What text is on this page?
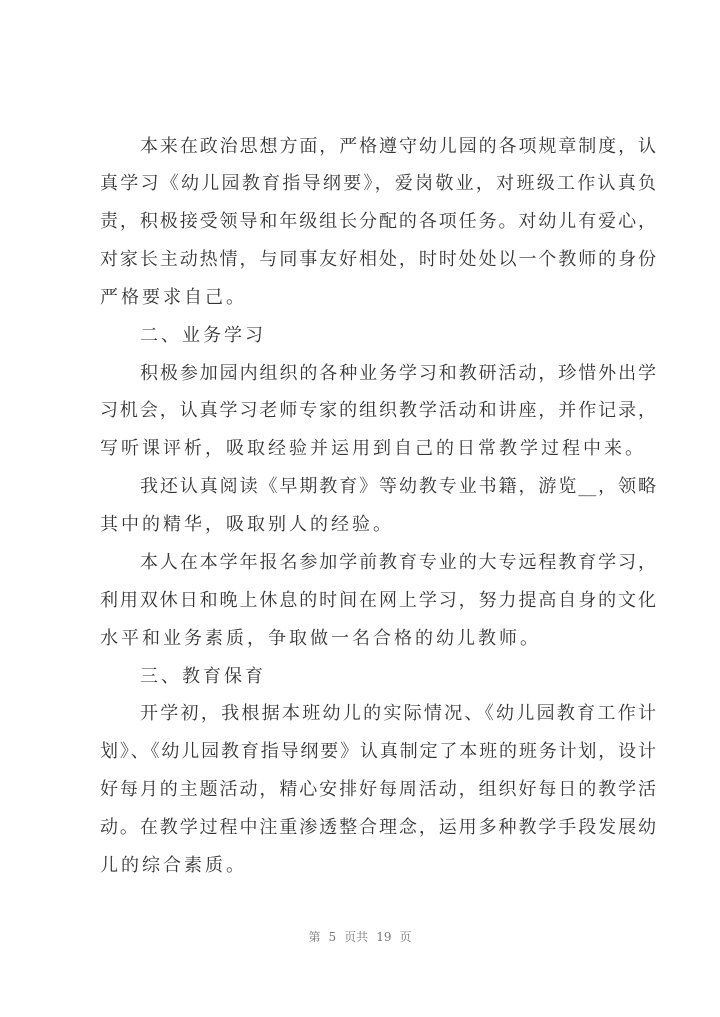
本来在政治思想方面，严格遵守幼儿园的各项规章制度，认
真学习《幼儿园教育指导纲要》，爱岗敬业，对班级工作认真负
责，积极接受领导和年级组长分配的各项任务。对幼儿有爱心，
对家长主动热情，与同事友好相处，时时处处以一个教师的身份
严格要求自己。
二、业务学习
积极参加园内组织的各种业务学习和教研活动，珍惜外出学
习机会，认真学习老师专家的组织教学活动和讲座，并作记录，
写听课评析，吸取经验并运用到自己的日常教学过程中来。
我还认真阅读《早期教育》等幼教专业书籍，游览__，领略
其中的精华，吸取别人的经验。
本人在本学年报名参加学前教育专业的大专远程教育学习，
利用双休日和晚上休息的时间在网上学习，努力提高自身的文化
水平和业务素质，争取做一名合格的幼儿教师。
三、教育保育
开学初，我根据本班幼儿的实际情况、《幼儿园教育工作计
划》、《幼儿园教育指导纲要》认真制定了本班的班务计划，设计
好每月的主题活动，精心安排好每周活动，组织好每日的教学活
动。在教学过程中注重渗透整合理念，运用多种教学手段发展幼
儿的综合素质。
第 5 页共 19 页
